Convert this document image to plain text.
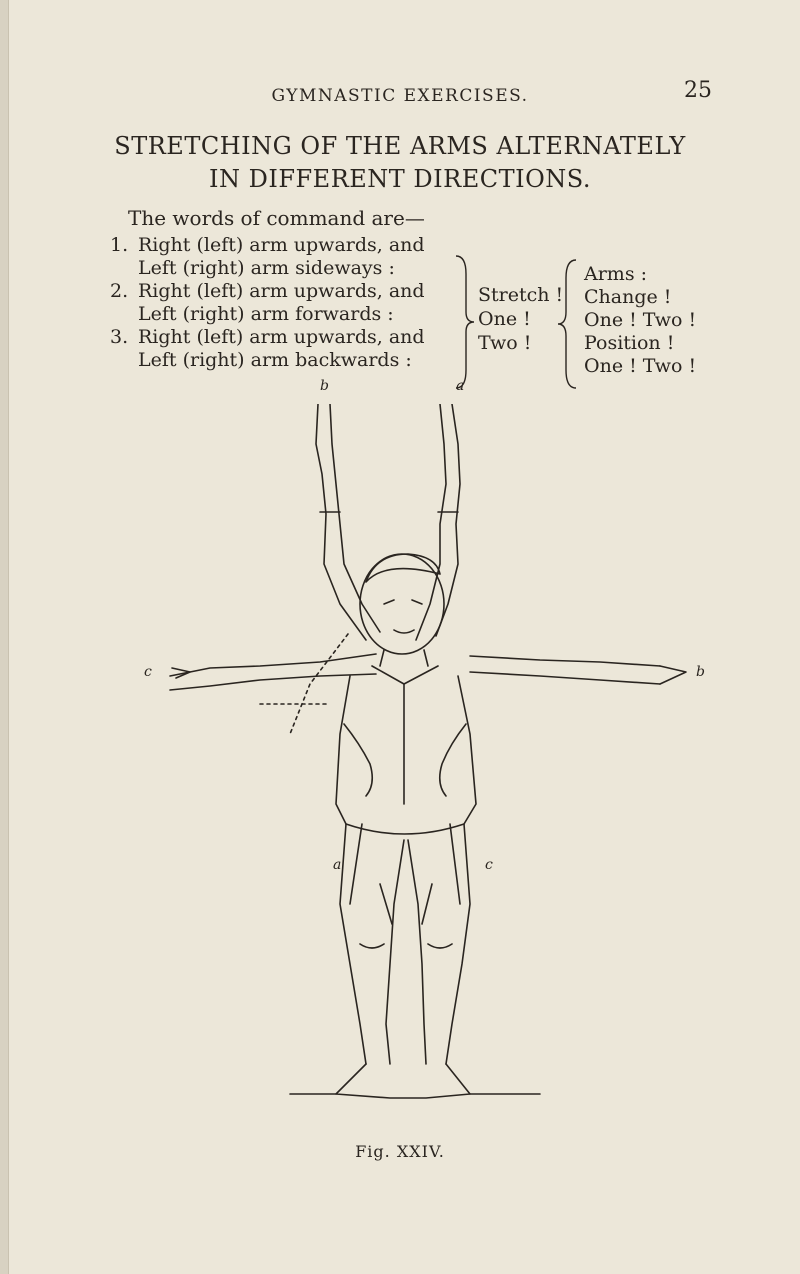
GYMNASTIC EXERCISES.	25
STRETCHING OF THE ARMS ALTERNATELY
IN DIFFERENT DIRECTIONS.
The words of command are—
1. Right (left) arm upwards, and
Left (right) arm sideways :
2. Right (left) arm upwards, and
Left (right) arm forwards :
3. Right (left) arm upwards, and
Left (right) arm backwards :
Stretch !
One !
Two !
Arms :
Change !
One ! Two !
Position !
One ! Two !
b	a
c	b
a	c
Fig. XXIV.
